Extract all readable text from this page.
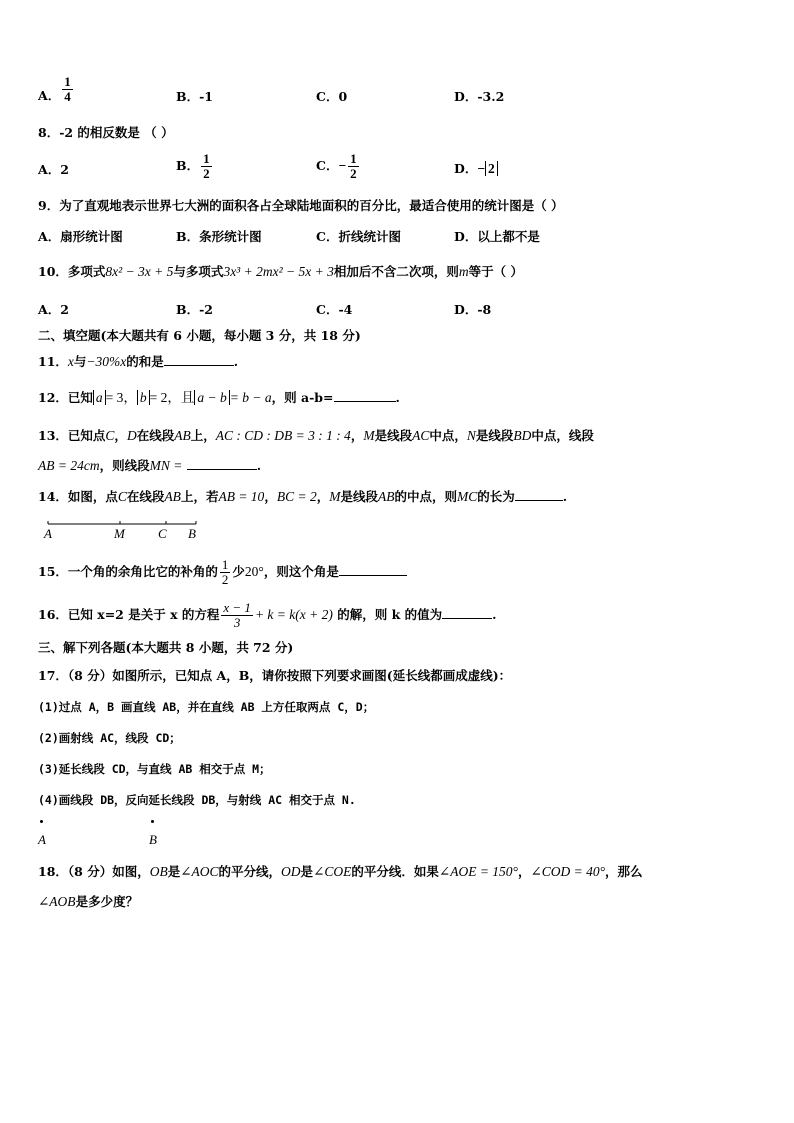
A． $\frac{1}{4}$	B．-1	C．0	D．-3.2
8．-2 的相反数是 （ ）
A．2	B． $\frac{1}{2}$	C．− $\frac{1}{2}$	D．− 2
9．为了直观地表示世界七大洲的面积各占全球陆地面积的百分比，最适合使用的统计图是（ ）
A．扇形统计图	B．条形统计图	C．折线统计图	D．以上都不是
10．多项式8x² − 3x + 5与多项式3x³ + 2mx² − 5x + 3相加后不含二次项，则m等于（ ）
A．2	B．-2	C．-4	D．-8
二、填空题(本大题共有 6 小题，每小题 3 分，共 18 分)
11．x与−30%x的和是	.
12．已知 a = 3， b = 2，且 a − b = b − a，则 a-b=	.
13．已知点C，D在线段AB上，AC : CD : DB = 3 : 1 : 4，M是线段AC中点，N是线段BD中点，线段
AB = 24cm，则线段MN =	.
14．如图，点C在线段AB上，若AB = 10，BC = 2，M是线段AB的中点，则MC的长为	.
A	M	C B
15．一个角的余角比它的补角的 $\frac{1}{2}$ 少20°，则这个角是
16．已知 x=2 是关于 x 的方程 $\frac{x - 1}{3} + k = k(x + 2)$ 的解，则 k 的值为	.
三、解下列各题(本大题共 8 小题，共 72 分)
17．（8 分）如图所示，已知点 A，B，请你按照下列要求画图(延长线都画成虚线)：
(1)过点 A，B 画直线 AB，并在直线 AB 上方任取两点 C，D；
(2)画射线 AC，线段 CD；
(3)延长线段 CD，与直线 AB 相交于点 M；
(4)画线段 DB，反向延长线段 DB，与射线 AC 相交于点 N.
A	B
18．（8 分）如图，OB是∠AOC的平分线，OD是∠COE的平分线．如果∠AOE = 150°，∠COD = 40°，那么
∠AOB是多少度？
